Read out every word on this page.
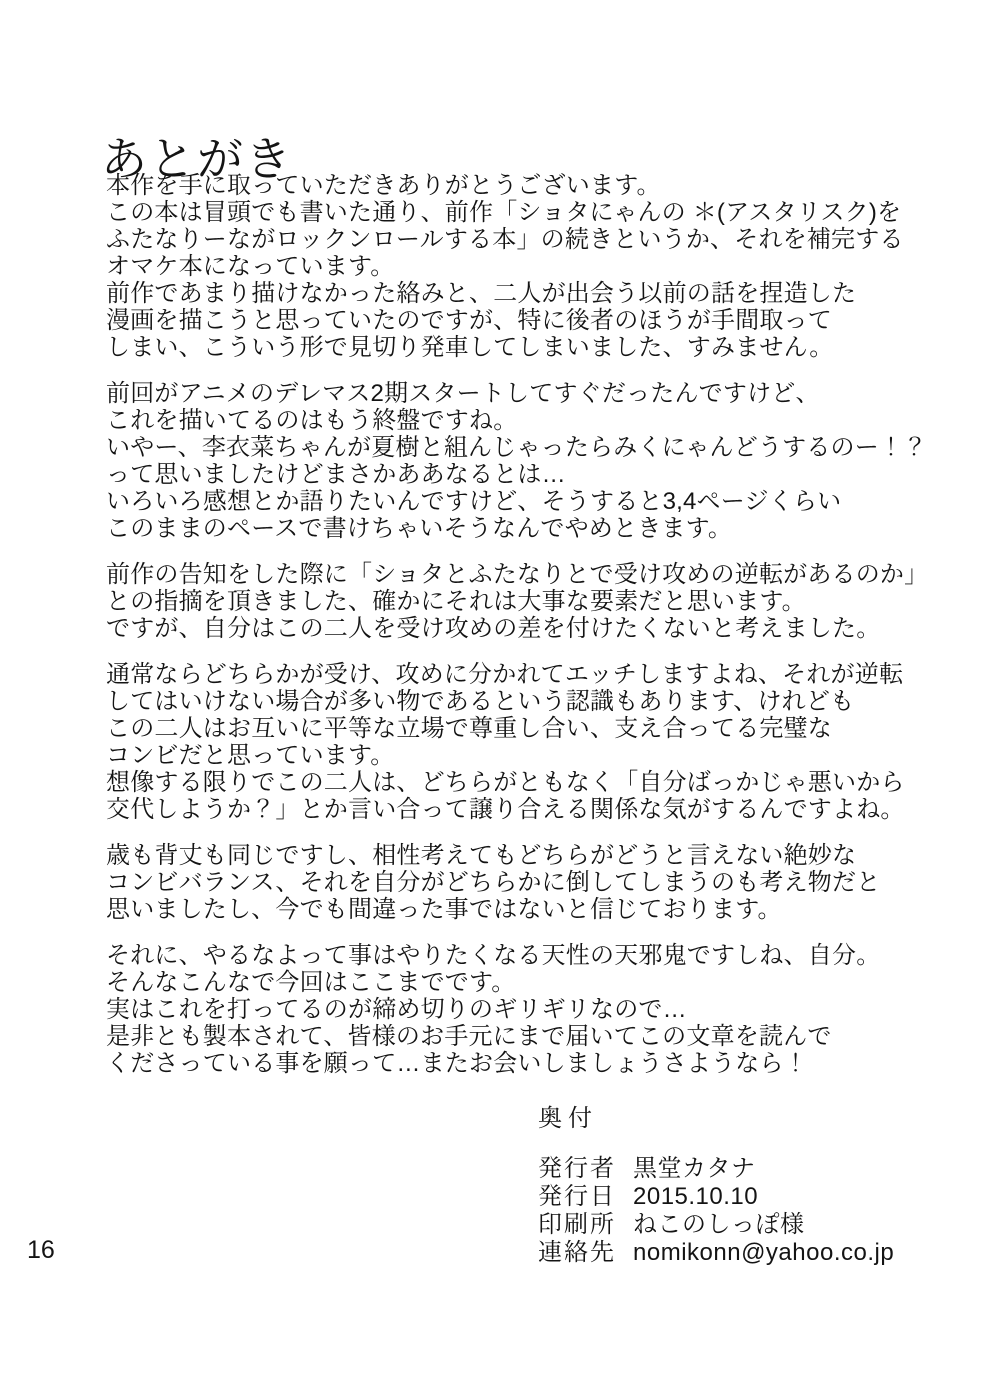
あとがき

本作を手に取っていただきありがとうございます。
この本は冒頭でも書いた通り、前作「ショタにゃんの ＊(アスタリスク)を
ふたなりーながロックンロールする本」の続きというか、それを補完する
オマケ本になっています。
前作であまり描けなかった絡みと、二人が出会う以前の話を捏造した
漫画を描こうと思っていたのですが、特に後者のほうが手間取って
しまい、こういう形で見切り発車してしまいました、すみません。

前回がアニメのデレマス2期スタートしてすぐだったんですけど、
これを描いてるのはもう終盤ですね。
いやー、李衣菜ちゃんが夏樹と組んじゃったらみくにゃんどうするのー！？
って思いましたけどまさかああなるとは…
いろいろ感想とか語りたいんですけど、そうすると3,4ページくらい
このままのペースで書けちゃいそうなんでやめときます。

前作の告知をした際に「ショタとふたなりとで受け攻めの逆転があるのか」
との指摘を頂きました、確かにそれは大事な要素だと思います。
ですが、自分はこの二人を受け攻めの差を付けたくないと考えました。

通常ならどちらかが受け、攻めに分かれてエッチしますよね、それが逆転
してはいけない場合が多い物であるという認識もあります、けれども
この二人はお互いに平等な立場で尊重し合い、支え合ってる完璧な
コンビだと思っています。
想像する限りでこの二人は、どちらがともなく「自分ばっかじゃ悪いから
交代しようか？」とか言い合って譲り合える関係な気がするんですよね。

歳も背丈も同じですし、相性考えてもどちらがどうと言えない絶妙な
コンビバランス、それを自分がどちらかに倒してしまうのも考え物だと
思いましたし、今でも間違った事ではないと信じております。

それに、やるなよって事はやりたくなる天性の天邪鬼ですしね、自分。
そんなこんなで今回はここまでです。
実はこれを打ってるのが締め切りのギリギリなので…
是非とも製本されて、皆様のお手元にまで届いてこの文章を読んで
くださっている事を願って…またお会いしましょうさようなら！

奥付
発行者 黒堂カタナ
発行日 2015.10.10
印刷所 ねこのしっぽ様
連絡先 nomikonn@yahoo.co.jp
16
